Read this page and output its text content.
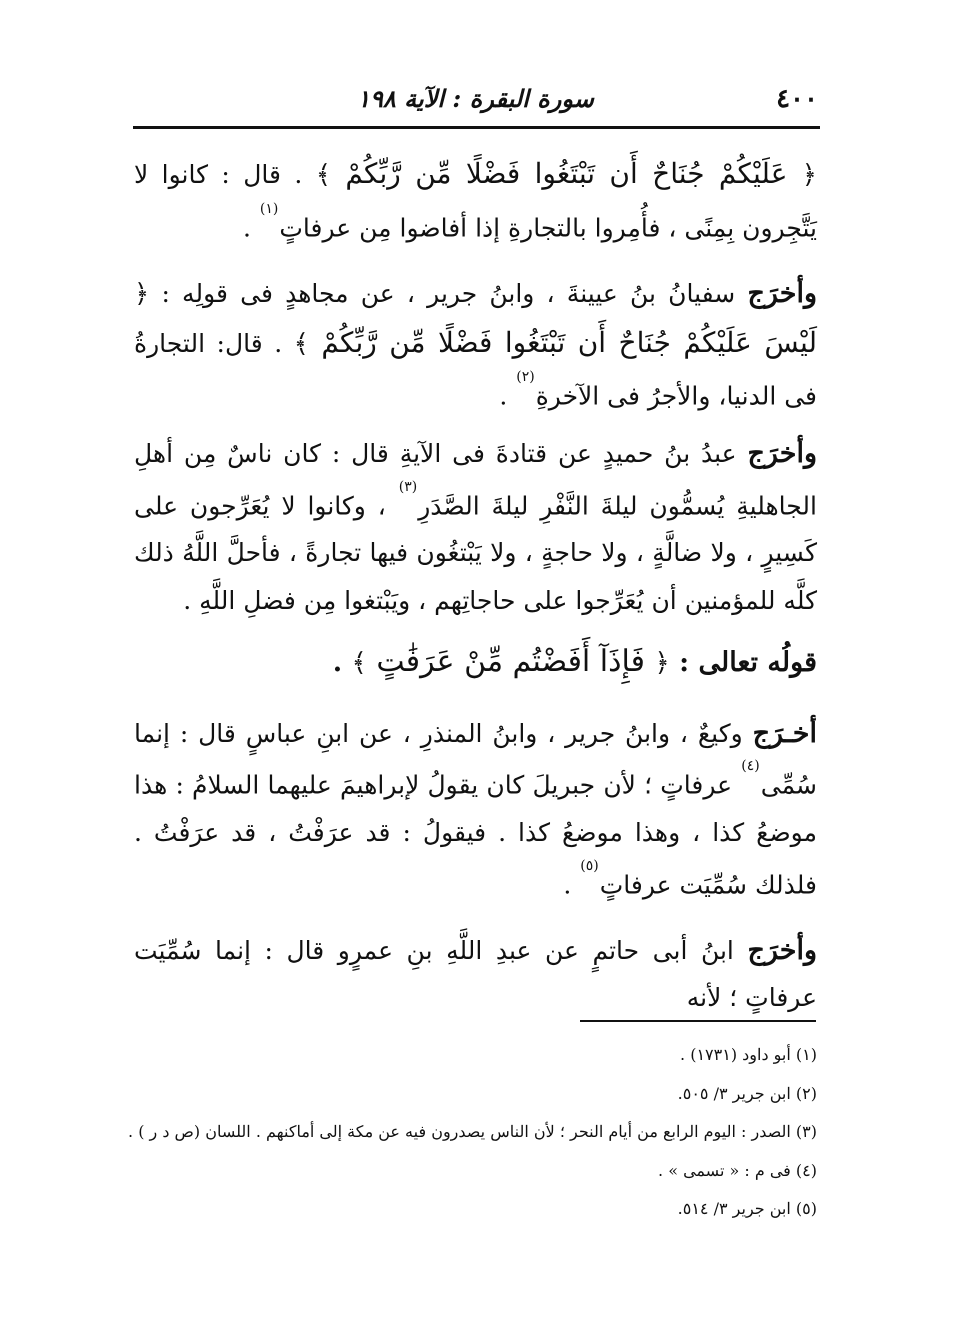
٤٠٠
سورة البقرة : الآية ١٩٨

﴿ عَلَيْكُمْ جُنَاحٌ أَن تَبْتَغُوا فَضْلًا مِّن رَّبِّكُمْ ﴾ . قال : كانوا لا يَتَّجِرون بِمِنًى ، فأُمِروا بالتجارةِ إذا أفاضوا مِن عرفاتٍ$^{(١)}$ .

وأخرَج سفيانُ بنُ عيينةَ ، وابنُ جرير ، عن مجاهدٍ فى قولِه : ﴿ لَيْسَ عَلَيْكُمْ جُنَاحٌ أَن تَبْتَغُوا فَضْلًا مِّن رَّبِّكُمْ ﴾ . قال: التجارةُ فى الدنيا، والأجرُ فى الآخرةِ$^{(٢)}$ .

وأخرَج عبدُ بنُ حميدٍ عن قتادةَ فى الآيةِ قال : كان ناسٌ مِن أهلِ الجاهليةِ يُسمُّون ليلةَ النَّفْرِ ليلةَ الصَّدَرِ$^{(٣)}$ ، وكانوا لا يُعَرِّجون على كَسِيرٍ ، ولا ضالَّةٍ ، ولا حاجةٍ ، ولا يَبْتغُون فيها تجارةً ، فأحلَّ اللَّهُ ذلك كلَّه للمؤمنين أن يُعَرِّجوا على حاجاتِهم ، ويَبْتغوا مِن فضلِ اللَّهِ .

قولُه تعالى : ﴿ فَإِذَآ أَفَضْتُم مِّنْ عَرَفَٰتٍ ﴾ .

أخـرَج وكيعٌ ، وابنُ جرير ، وابنُ المنذرِ ، عن ابنِ عباسٍ قال : إنما سُمِّى$^{(٤)}$ عرفاتٍ ؛ لأن جبريلَ كان يقولُ لإبراهيمَ عليهما السلامُ : هذا موضعُ كذا ، وهذا موضعُ كذا . فيقولُ : قد عرَفْتُ ، قد عرَفْتُ . فلذلك سُمِّيَت عرفاتٍ$^{(٥)}$ .

وأخرَج ابنُ أبى حاتمٍ عن عبدِ اللَّهِ بنِ عمرٍو قال : إنما سُمِّيَت عرفاتٍ ؛ لأنه

(١) أبو داود (١٧٣١) .

(٢) ابن جرير ٣/ ٥٠٥.

(٣) الصدر : اليوم الرابع من أيام النحر ؛ لأن الناس يصدرون فيه عن مكة إلى أماكنهم . اللسان (ص د ر ) .

(٤) فى م : « تسمى » .

(٥) ابن جرير ٣/ ٥١٤.
